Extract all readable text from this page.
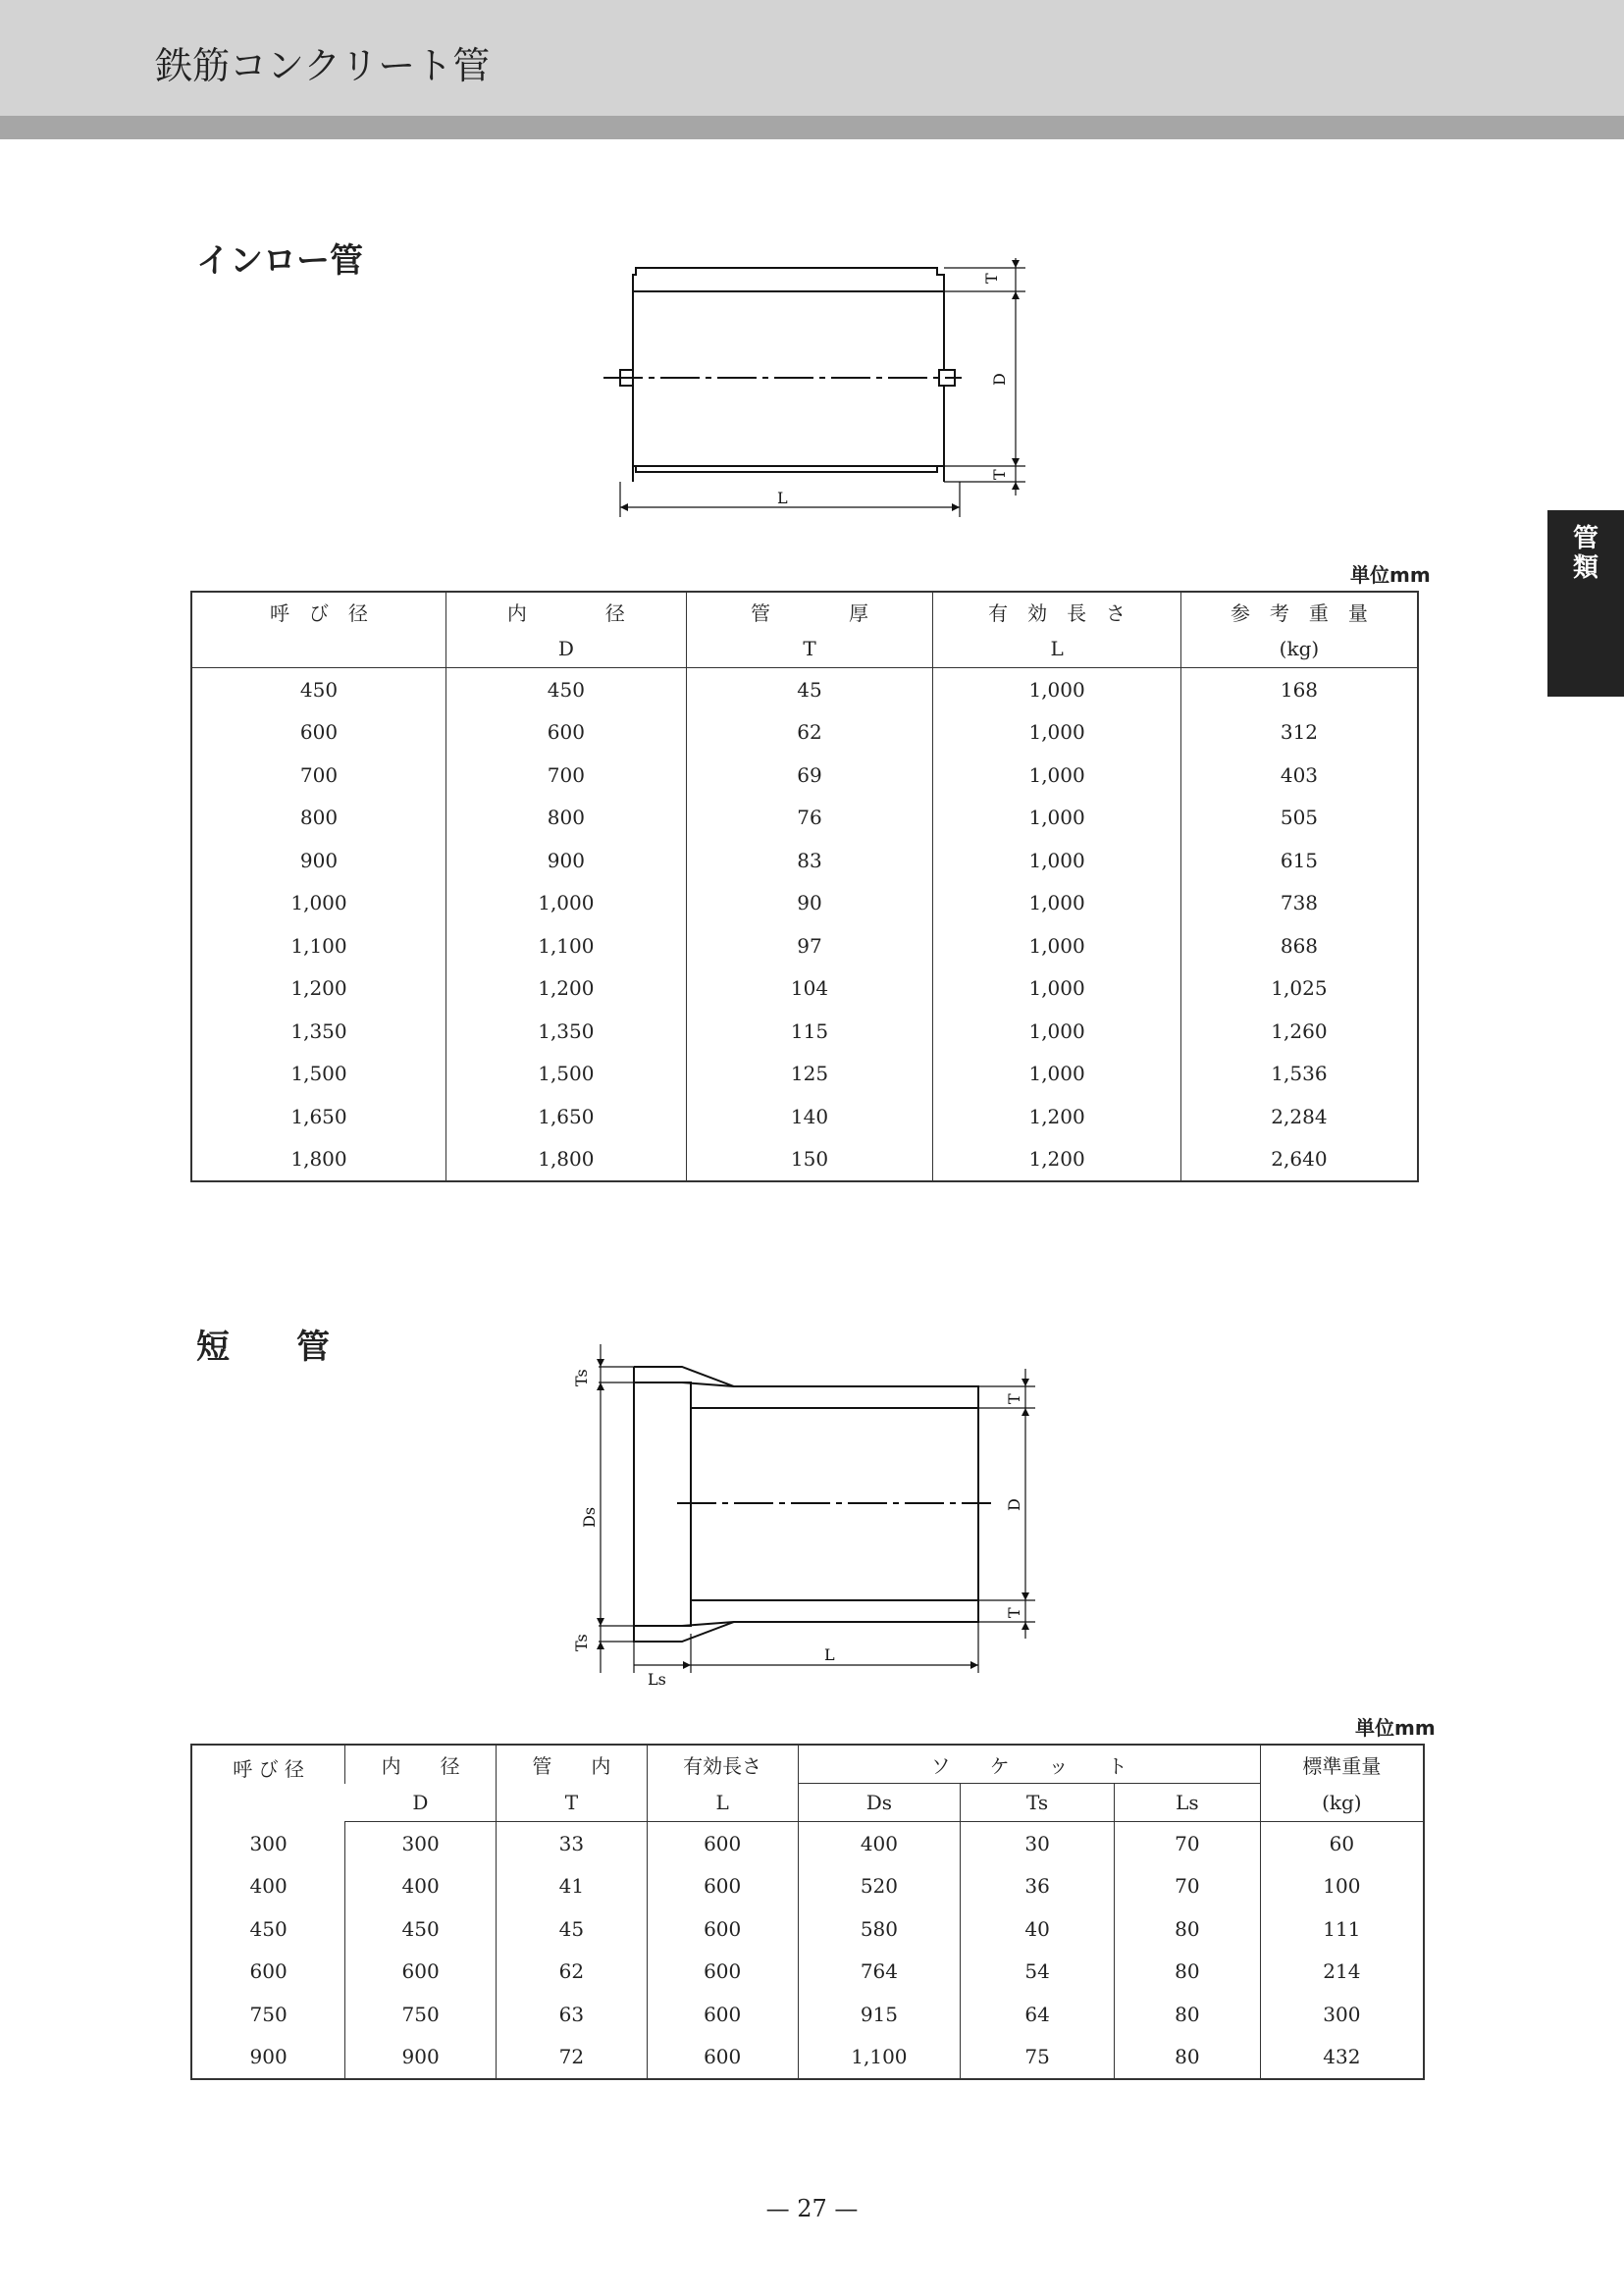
鉄筋コンクリート管
管
類
インロー管	T
D
T
L
単位mm
呼　び　径	内　　　　径	管　　　　厚	有　効　長　さ	参　考　重　量
	D	T	L	(kg)
450	450	45	1,000	168
600	600	62	1,000	312
700	700	69	1,000	403
800	800	76	1,000	505
900	900	83	1,000	615
1,000	1,000	90	1,000	738
1,100	1,100	97	1,000	868
1,200	1,200	104	1,000	1,025
1,350	1,350	115	1,000	1,260
1,500	1,500	125	1,000	1,536
1,650	1,650	140	1,200	2,284
1,800	1,800	150	1,200	2,640
短　　管
Ts
Ds
Ts
T
D
T
Ls
L
単位mm
呼 び 径	内　　径	管　　内	有効長さ	ソ　　ケ　　ッ　　ト			標準重量
	D	T	L	Ds	Ts	Ls	(kg)
300	300	33	600	400	30	70	60
400	400	41	600	520	36	70	100
450	450	45	600	580	40	80	111
600	600	62	600	764	54	80	214
750	750	63	600	915	64	80	300
900	900	72	600	1,100	75	80	432
— 27 —
